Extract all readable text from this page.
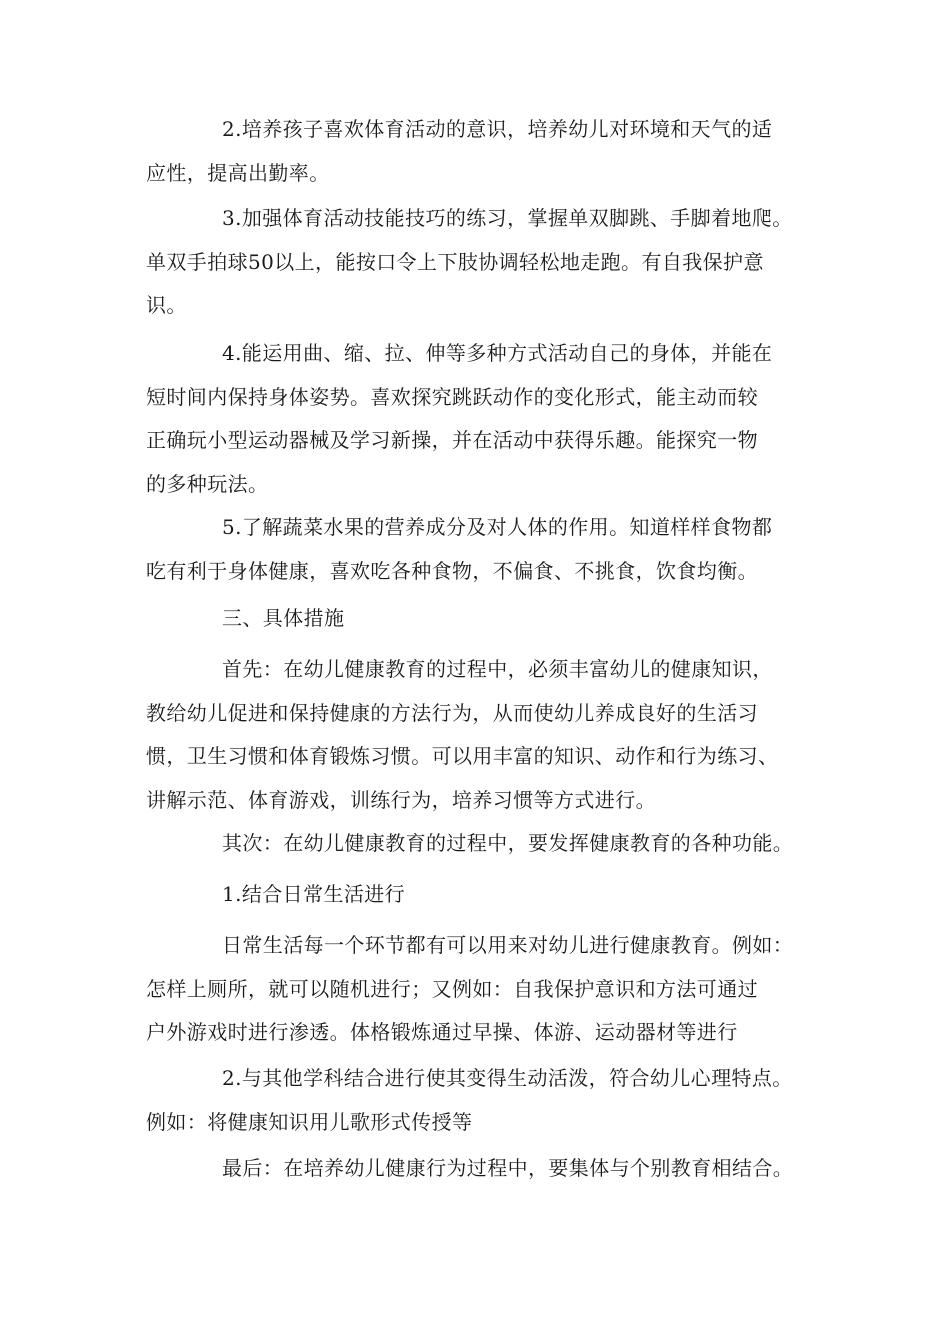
2.培养孩子喜欢体育活动的意识，培养幼儿对环境和天气的适
应性，提高出勤率。

3.加强体育活动技能技巧的练习，掌握单双脚跳、手脚着地爬。
单双手拍球50以上，能按口令上下肢协调轻松地走跑。有自我保护意
识。

4.能运用曲、缩、拉、伸等多种方式活动自己的身体，并能在
短时间内保持身体姿势。喜欢探究跳跃动作的变化形式，能主动而较
正确玩小型运动器械及学习新操，并在活动中获得乐趣。能探究一物
的多种玩法。

5.了解蔬菜水果的营养成分及对人体的作用。知道样样食物都
吃有利于身体健康，喜欢吃各种食物，不偏食、不挑食，饮食均衡。

三、具体措施

首先：在幼儿健康教育的过程中，必须丰富幼儿的健康知识，
教给幼儿促进和保持健康的方法行为，从而使幼儿养成良好的生活习
惯，卫生习惯和体育锻炼习惯。可以用丰富的知识、动作和行为练习、
讲解示范、体育游戏，训练行为，培养习惯等方式进行。

其次：在幼儿健康教育的过程中，要发挥健康教育的各种功能。

1.结合日常生活进行

日常生活每一个环节都有可以用来对幼儿进行健康教育。例如：
怎样上厕所，就可以随机进行；又例如：自我保护意识和方法可通过
户外游戏时进行渗透。体格锻炼通过早操、体游、运动器材等进行

2.与其他学科结合进行使其变得生动活泼，符合幼儿心理特点。
例如：将健康知识用儿歌形式传授等

最后：在培养幼儿健康行为过程中，要集体与个别教育相结合。
